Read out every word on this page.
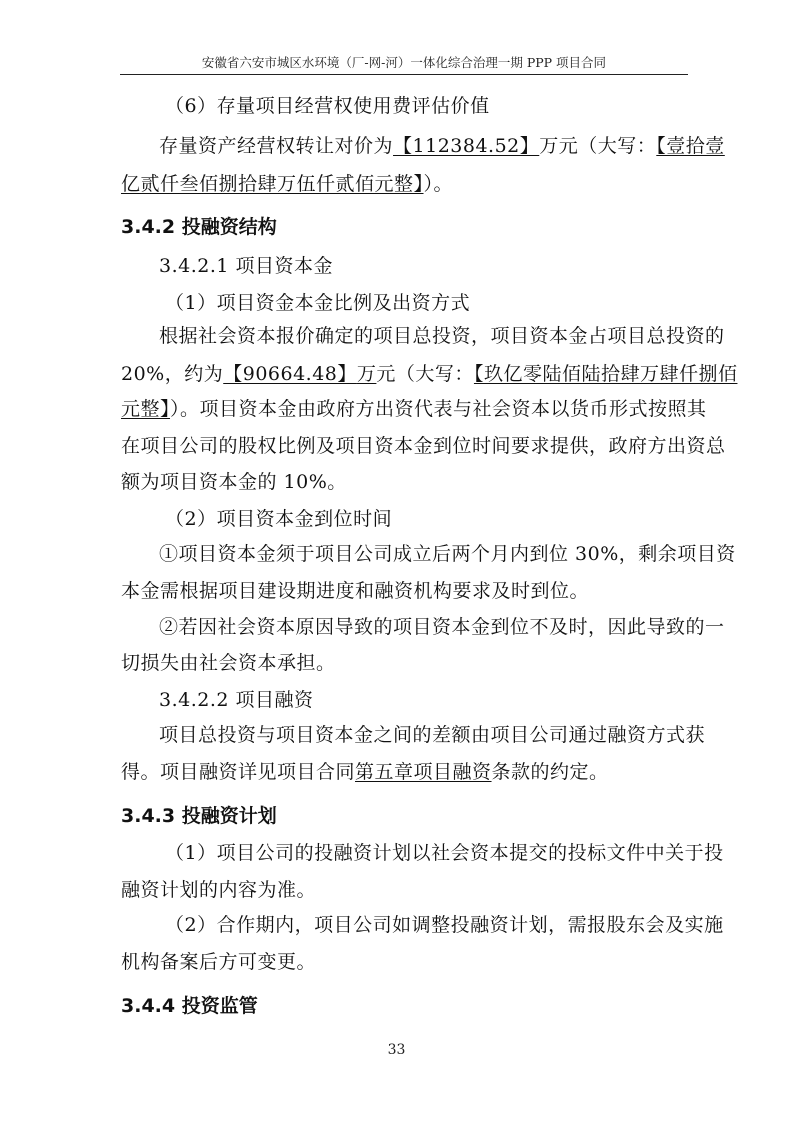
安徽省六安市城区水环境（厂-网-河）一体化综合治理一期 PPP 项目合同
（6）存量项目经营权使用费评估价值
存量资产经营权转让对价为【112384.52】万元（大写：【壹拾壹
亿贰仟叁佰捌拾肆万伍仟贰佰元整】）。
3.4.2 投融资结构
3.4.2.1 项目资本金
（1）项目资金本金比例及出资方式
根据社会资本报价确定的项目总投资，项目资本金占项目总投资的
20%，约为【90664.48】万元（大写：【玖亿零陆佰陆拾肆万肆仟捌佰
元整】）。项目资本金由政府方出资代表与社会资本以货币形式按照其
在项目公司的股权比例及项目资本金到位时间要求提供，政府方出资总
额为项目资本金的 10%。
（2）项目资本金到位时间
①项目资本金须于项目公司成立后两个月内到位 30%，剩余项目资
本金需根据项目建设期进度和融资机构要求及时到位。
②若因社会资本原因导致的项目资本金到位不及时，因此导致的一
切损失由社会资本承担。
3.4.2.2 项目融资
项目总投资与项目资本金之间的差额由项目公司通过融资方式获
得。项目融资详见项目合同第五章项目融资条款的约定。
3.4.3 投融资计划
（1）项目公司的投融资计划以社会资本提交的投标文件中关于投
融资计划的内容为准。
（2）合作期内，项目公司如调整投融资计划，需报股东会及实施
机构备案后方可变更。
3.4.4 投资监管
33
